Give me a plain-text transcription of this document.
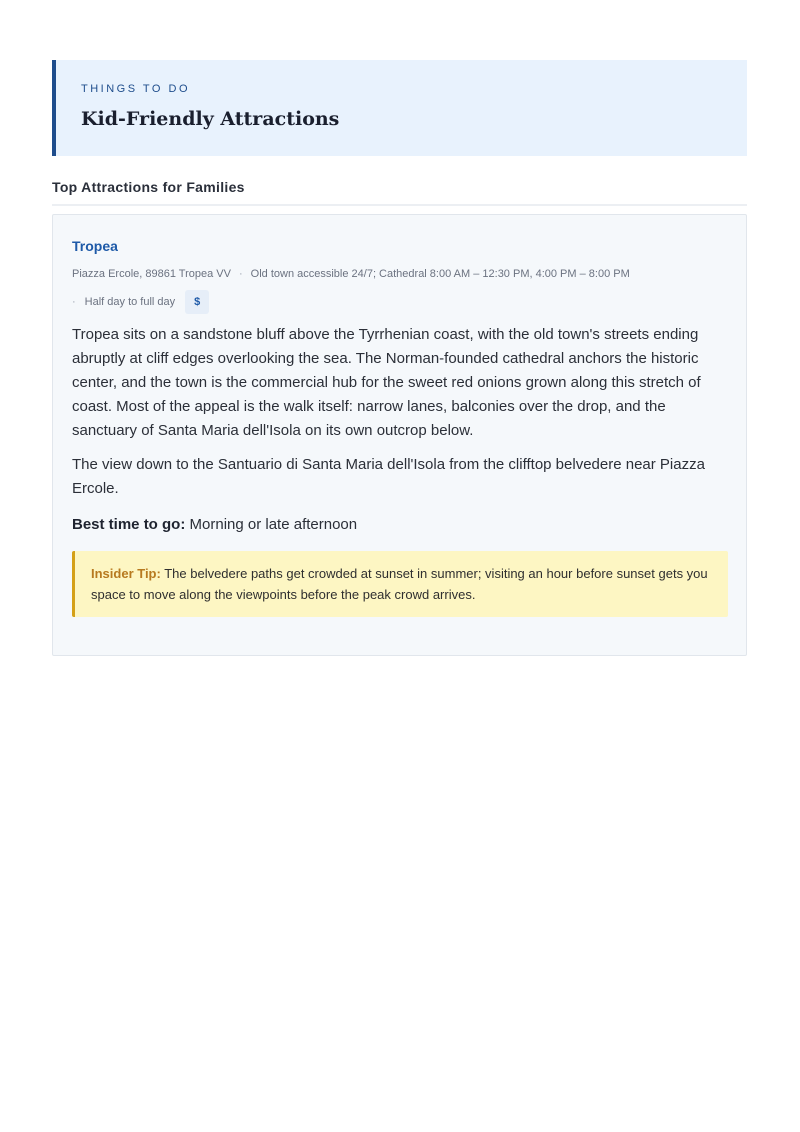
THINGS TO DO
Kid-Friendly Attractions
Top Attractions for Families
Tropea
Piazza Ercole, 89861 Tropea VV · Old town accessible 24/7; Cathedral 8:00 AM – 12:30 PM, 4:00 PM – 8:00 PM
· Half day to full day	$

Tropea sits on a sandstone bluff above the Tyrrhenian coast, with the old town's streets ending abruptly at cliff edges overlooking the sea. The Norman-founded cathedral anchors the historic center, and the town is the commercial hub for the sweet red onions grown along this stretch of coast. Most of the appeal is the walk itself: narrow lanes, balconies over the drop, and the sanctuary of Santa Maria dell'Isola on its own outcrop below.

The view down to the Santuario di Santa Maria dell'Isola from the clifftop belvedere near Piazza Ercole.

Best time to go: Morning or late afternoon

Insider Tip: The belvedere paths get crowded at sunset in summer; visiting an hour before sunset gets you space to move along the viewpoints before the peak crowd arrives.
